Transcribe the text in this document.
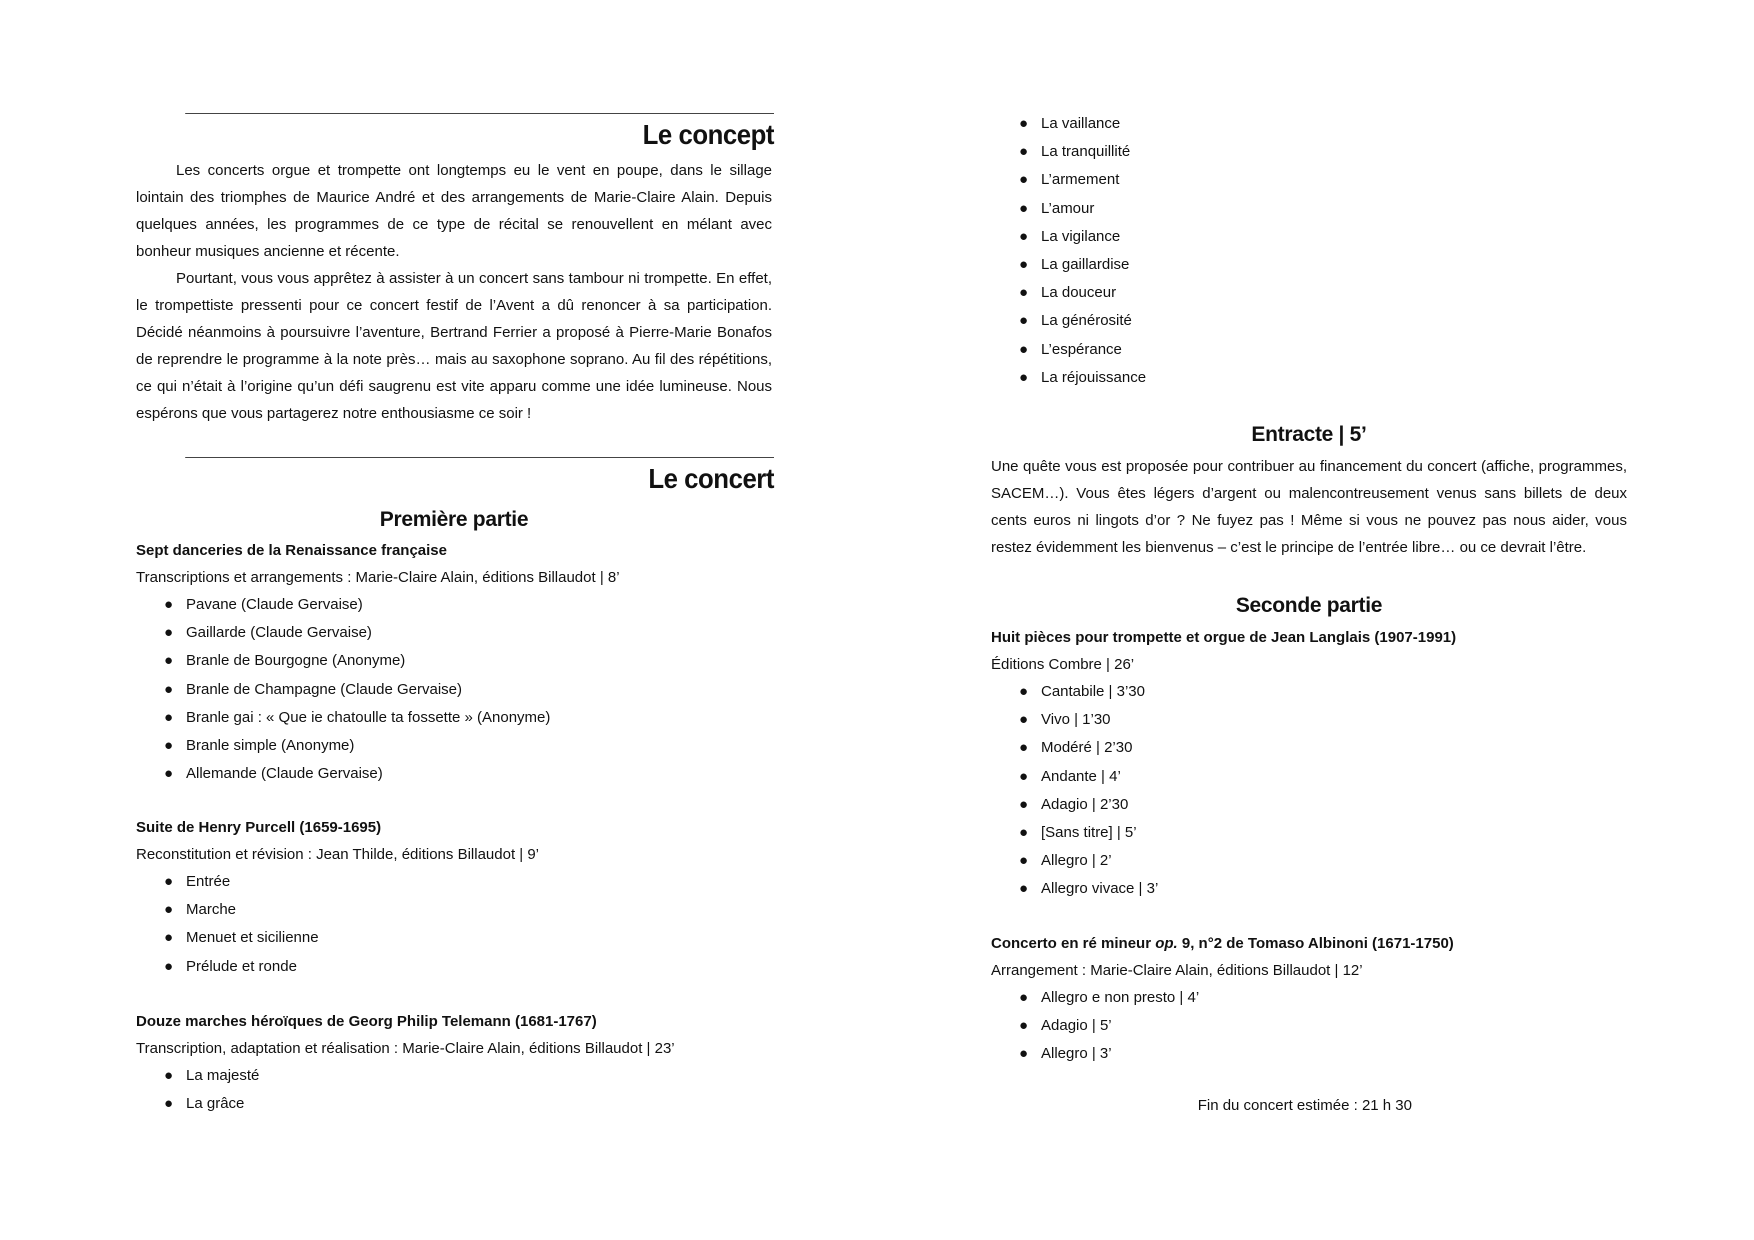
Le concept

Les concerts orgue et trompette ont longtemps eu le vent en poupe, dans le sillage lointain des triomphes de Maurice André et des arrangements de Marie-Claire Alain. Depuis quelques années, les programmes de ce type de récital se renouvellent en mélant avec bonheur musiques ancienne et récente.

Pourtant, vous vous apprêtez à assister à un concert sans tambour ni trompette. En effet, le trompettiste pressenti pour ce concert festif de l’Avent a dû renoncer à sa participation. Décidé néanmoins à poursuivre l’aventure, Bertrand Ferrier a proposé à Pierre-Marie Bonafos de reprendre le programme à la note près… mais au saxophone soprano. Au fil des répétitions, ce qui n’était à l’origine qu’un défi saugrenu est vite apparu comme une idée lumineuse. Nous espérons que vous partagerez notre enthousiasme ce soir !

Le concert
Première partie
Sept danceries de la Renaissance française
Transcriptions et arrangements : Marie-Claire Alain, éditions Billaudot | 8’
● Pavane (Claude Gervaise)
● Gaillarde (Claude Gervaise)
● Branle de Bourgogne (Anonyme)
● Branle de Champagne (Claude Gervaise)
● Branle gai : « Que ie chatoulle ta fossette » (Anonyme)
● Branle simple (Anonyme)
● Allemande (Claude Gervaise)
Suite de Henry Purcell (1659-1695)
Reconstitution et révision : Jean Thilde, éditions Billaudot | 9’
● Entrée
● Marche
● Menuet et sicilienne
● Prélude et ronde
Douze marches héroïques de Georg Philip Telemann (1681-1767)
Transcription, adaptation et réalisation : Marie-Claire Alain, éditions Billaudot | 23’
● La majesté
● La grâce
● La vaillance
● La tranquillité
● L’armement
● L’amour
● La vigilance
● La gaillardise
● La douceur
● La générosité
● L’espérance
● La réjouissance
Entracte | 5’

Une quête vous est proposée pour contribuer au financement du concert (affiche, programmes, SACEM…). Vous êtes légers d’argent ou malencontreusement venus sans billets de deux cents euros ni lingots d’or ? Ne fuyez pas ! Même si vous ne pouvez pas nous aider, vous restez évidemment les bienvenus – c’est le principe de l’entrée libre… ou ce devrait l’être.

Seconde partie
Huit pièces pour trompette et orgue de Jean Langlais (1907-1991)
Éditions Combre | 26’
● Cantabile | 3’30
● Vivo | 1’30
● Modéré | 2’30
● Andante | 4’
● Adagio | 2’30
● [Sans titre] | 5’
● Allegro | 2’
● Allegro vivace | 3’
Concerto en ré mineur op. 9, n°2 de Tomaso Albinoni (1671-1750)
Arrangement : Marie-Claire Alain, éditions Billaudot | 12’
● Allegro e non presto | 4’
● Adagio | 5’
● Allegro | 3’
Fin du concert estimée : 21 h 30
